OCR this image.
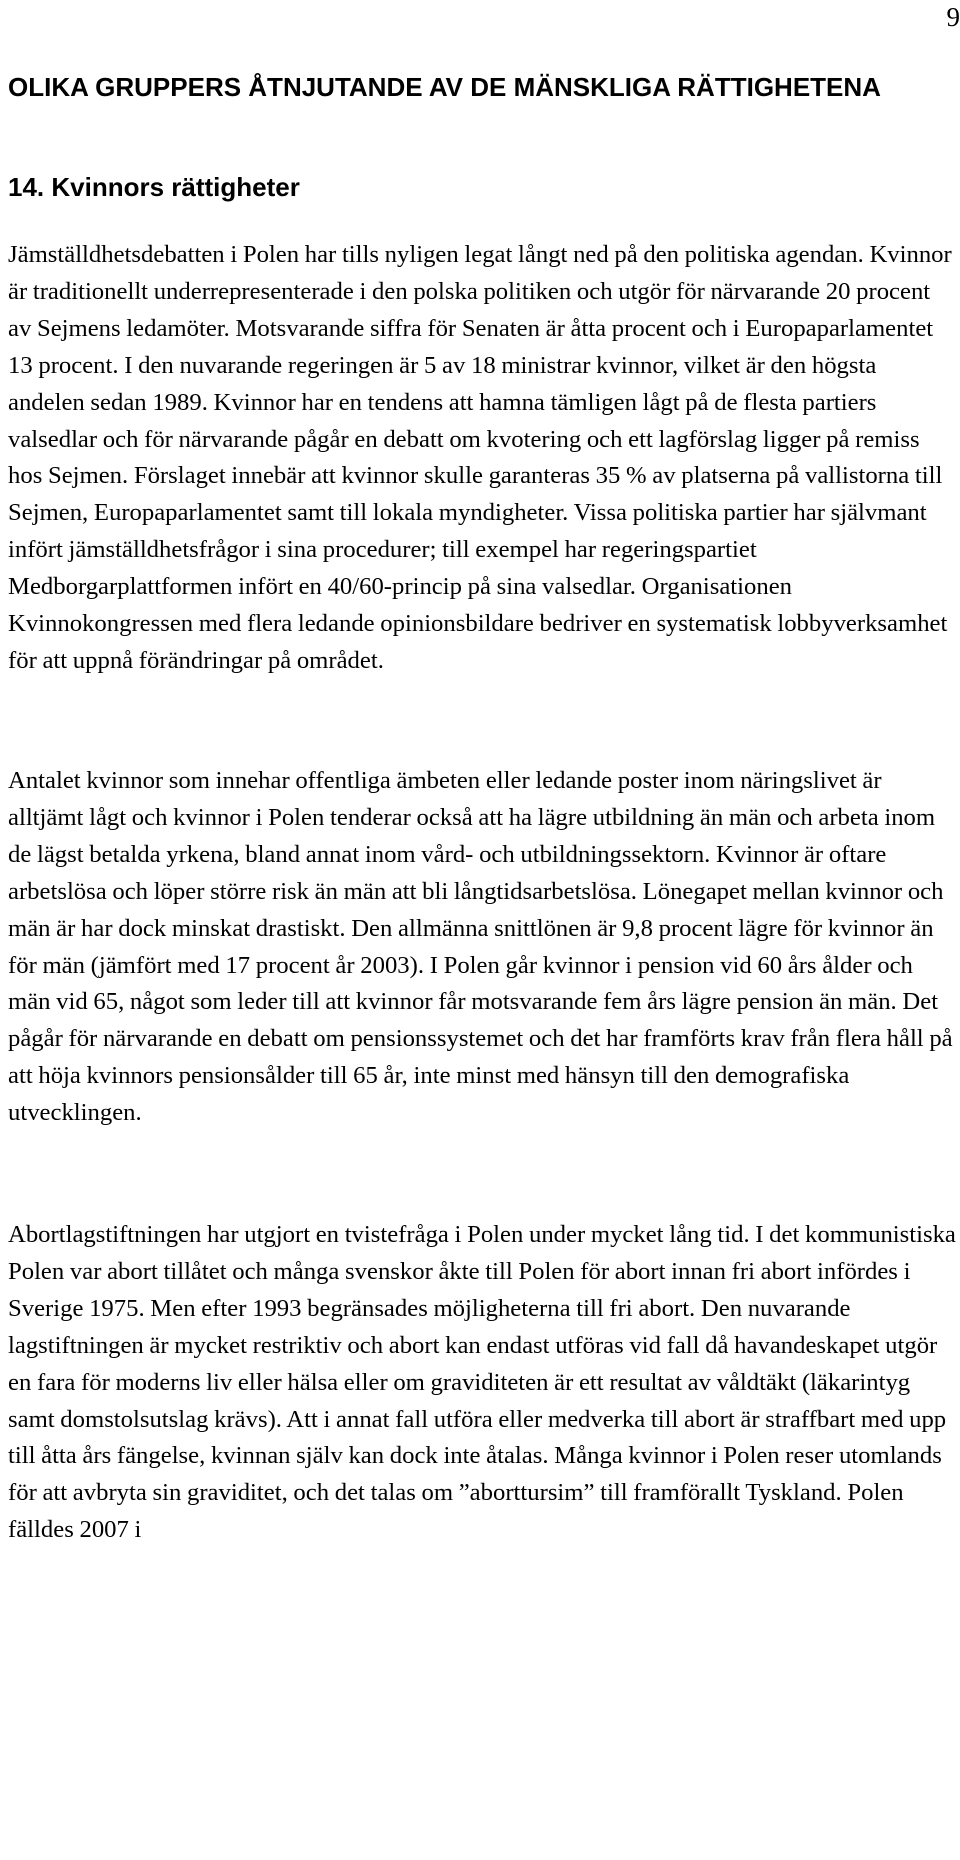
9
OLIKA GRUPPERS ÅTNJUTANDE AV DE MÄNSKLIGA RÄTTIGHETENA
14. Kvinnors rättigheter

Jämställdhetsdebatten i Polen har tills nyligen legat långt ned på den politiska agendan. Kvinnor är traditionellt underrepresenterade i den polska politiken och utgör för närvarande 20 procent av Sejmens ledamöter. Motsvarande siffra för Senaten är åtta procent och i Europaparlamentet 13 procent. I den nuvarande regeringen är 5 av 18 ministrar kvinnor, vilket är den högsta andelen sedan 1989. Kvinnor har en tendens att hamna tämligen lågt på de flesta partiers valsedlar och för närvarande pågår en debatt om kvotering och ett lagförslag ligger på remiss hos Sejmen. Förslaget innebär att kvinnor skulle garanteras 35 % av platserna på vallistorna till Sejmen, Europaparlamentet samt till lokala myndigheter. Vissa politiska partier har självmant infört jämställdhetsfrågor i sina procedurer; till exempel har regeringspartiet Medborgarplattformen infört en 40/60-princip på sina valsedlar. Organisationen Kvinnokongressen med flera ledande opinionsbildare bedriver en systematisk lobbyverksamhet för att uppnå förändringar på området.

Antalet kvinnor som innehar offentliga ämbeten eller ledande poster inom näringslivet är alltjämt lågt och kvinnor i Polen tenderar också att ha lägre utbildning än män och arbeta inom de lägst betalda yrkena, bland annat inom vård- och utbildningssektorn. Kvinnor är oftare arbetslösa och löper större risk än män att bli långtidsarbetslösa. Lönegapet mellan kvinnor och män är har dock minskat drastiskt. Den allmänna snittlönen är 9,8 procent lägre för kvinnor än för män (jämfört med 17 procent år 2003). I Polen går kvinnor i pension vid 60 års ålder och män vid 65, något som leder till att kvinnor får motsvarande fem års lägre pension än män. Det pågår för närvarande en debatt om pensionssystemet och det har framförts krav från flera håll på att höja kvinnors pensionsålder till 65 år, inte minst med hänsyn till den demografiska utvecklingen.

Abortlagstiftningen har utgjort en tvistefråga i Polen under mycket lång tid. I det kommunistiska Polen var abort tillåtet och många svenskor åkte till Polen för abort innan fri abort infördes i Sverige 1975. Men efter 1993 begränsades möjligheterna till fri abort. Den nuvarande lagstiftningen är mycket restriktiv och abort kan endast utföras vid fall då havandeskapet utgör en fara för moderns liv eller hälsa eller om graviditeten är ett resultat av våldtäkt (läkarintyg samt domstolsutslag krävs). Att i annat fall utföra eller medverka till abort är straffbart med upp till åtta års fängelse, kvinnan själv kan dock inte åtalas. Många kvinnor i Polen reser utomlands för att avbryta sin graviditet, och det talas om ”aborttursim” till framförallt Tyskland. Polen fälldes 2007 i
